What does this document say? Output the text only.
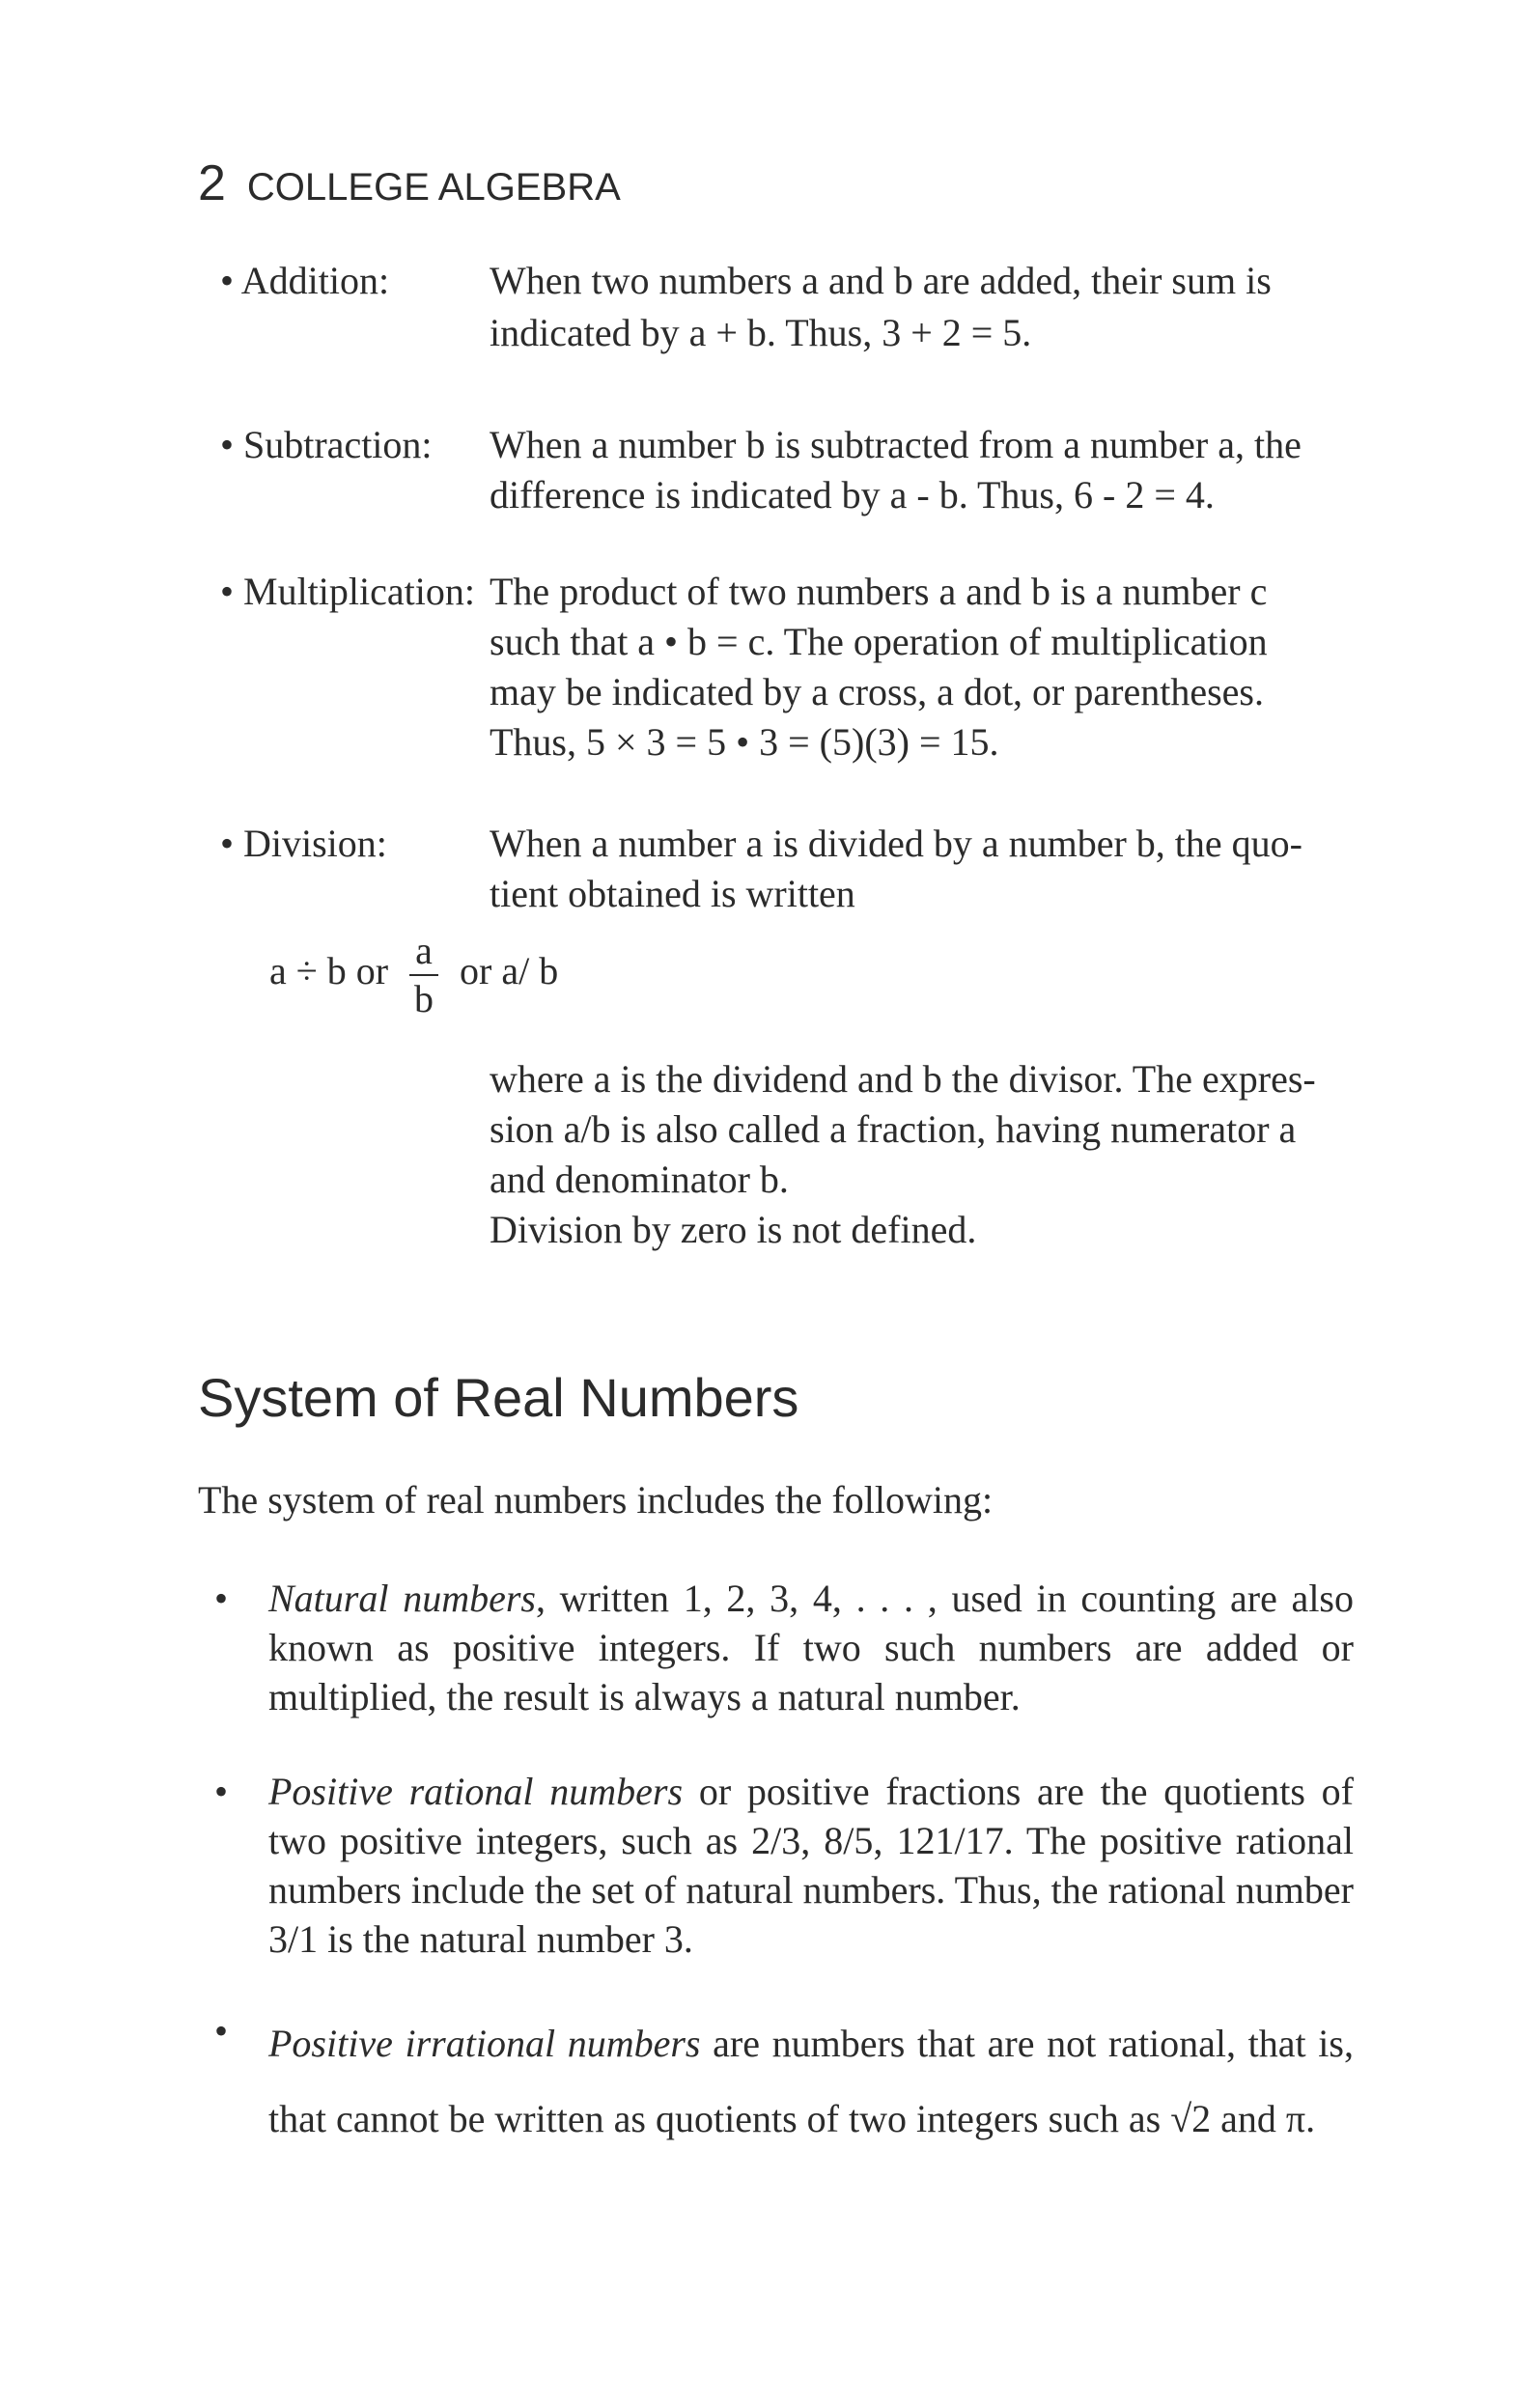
2 COLLEGE ALGEBRA
• Addition:	When two numbers a and b are added, their sum is

indicated by a + b. Thus, 3 + 2 = 5.

• Subtraction: When a number b is subtracted from a number a, the

difference is indicated by a - b. Thus, 6 - 2 = 4.

• Multiplication: The product of two numbers a and b is a number c

such that a • b = c. The operation of multiplication

may be indicated by a cross, a dot, or parentheses.

Thus, 5 × 3 = 5 • 3 = (5)(3) = 15.

• Division:	When a number a is divided by a number b, the quo-

tient obtained is written

a ÷ b or $\frac{a}{b}$ or a/ b

where a is the dividend and b the divisor. The expres-

sion a/b is also called a fraction, having numerator a

and denominator b.

Division by zero is not defined.

System of Real Numbers
The system of real numbers includes the following:
• Natural numbers, written 1, 2, 3, 4, . . . , used in counting are also known as positive integers. If two such numbers are added or multiplied, the result is always a natural number.
• Positive rational numbers or positive fractions are the quotients of two positive integers, such as 2/3, 8/5, 121/17. The positive rational numbers include the set of natural numbers. Thus, the rational number 3/1 is the natural number 3.
• Positive irrational numbers are numbers that are not rational, that is, that cannot be written as quotients of two integers such as √2 and π.
